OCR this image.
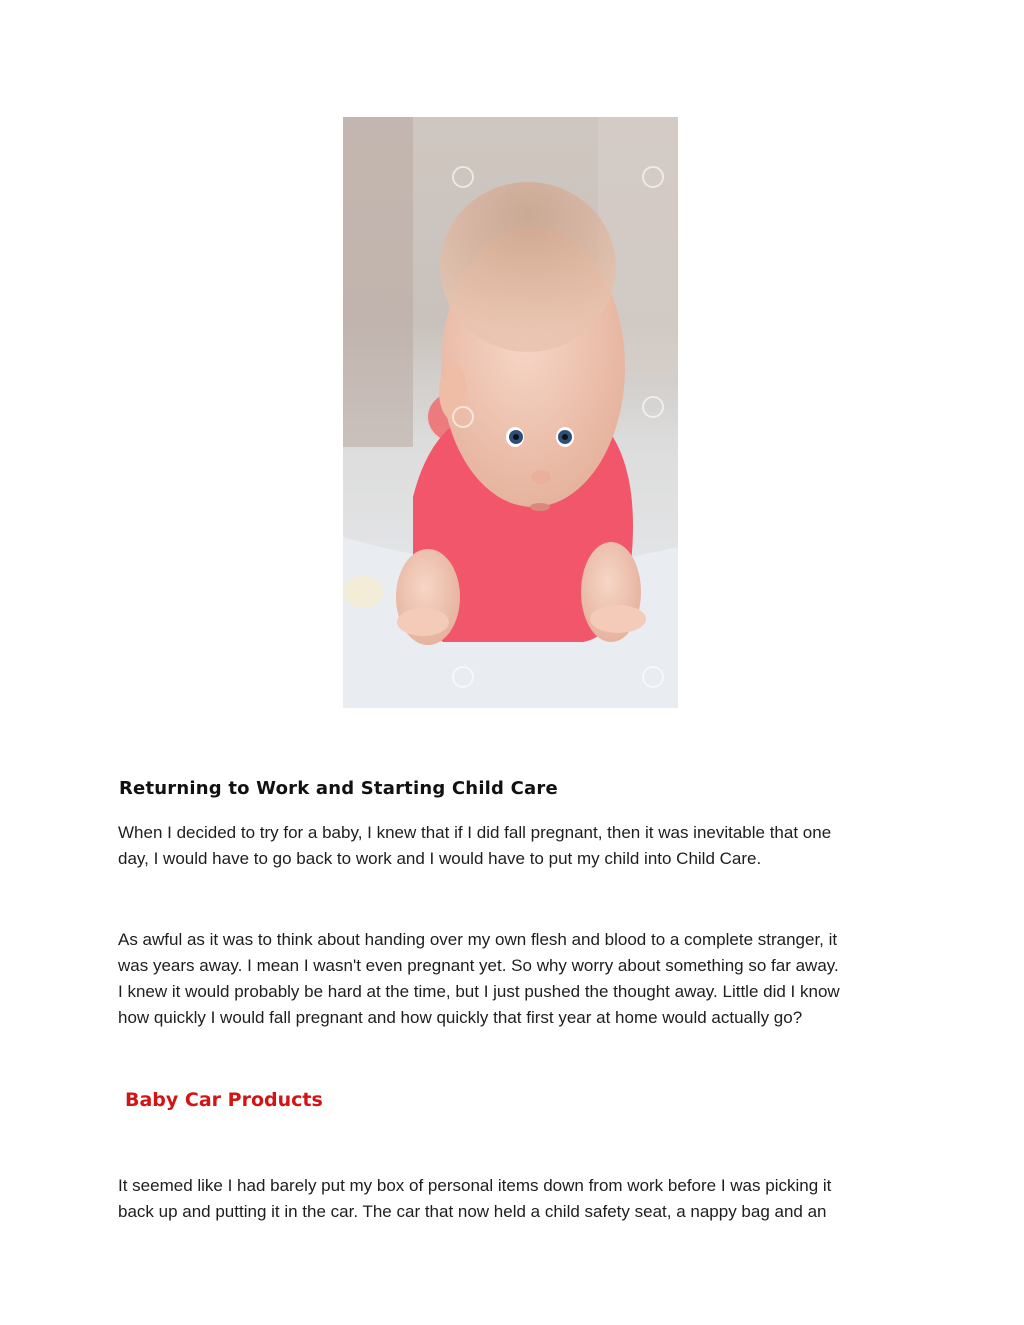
Returning to Work and Starting Child Care

When I decided to try for a baby, I knew that if I did fall pregnant, then it was inevitable that one
day, I would have to go back to work and I would have to put my child into Child Care.

As awful as it was to think about handing over my own flesh and blood to a complete stranger, it
was years away. I mean I wasn't even pregnant yet. So why worry about something so far away.
I knew it would probably be hard at the time, but I just pushed the thought away. Little did I know
how quickly I would fall pregnant and how quickly that first year at home would actually go?

Baby Car Products

It seemed like I had barely put my box of personal items down from work before I was picking it
back up and putting it in the car. The car that now held a child safety seat, a nappy bag and an
